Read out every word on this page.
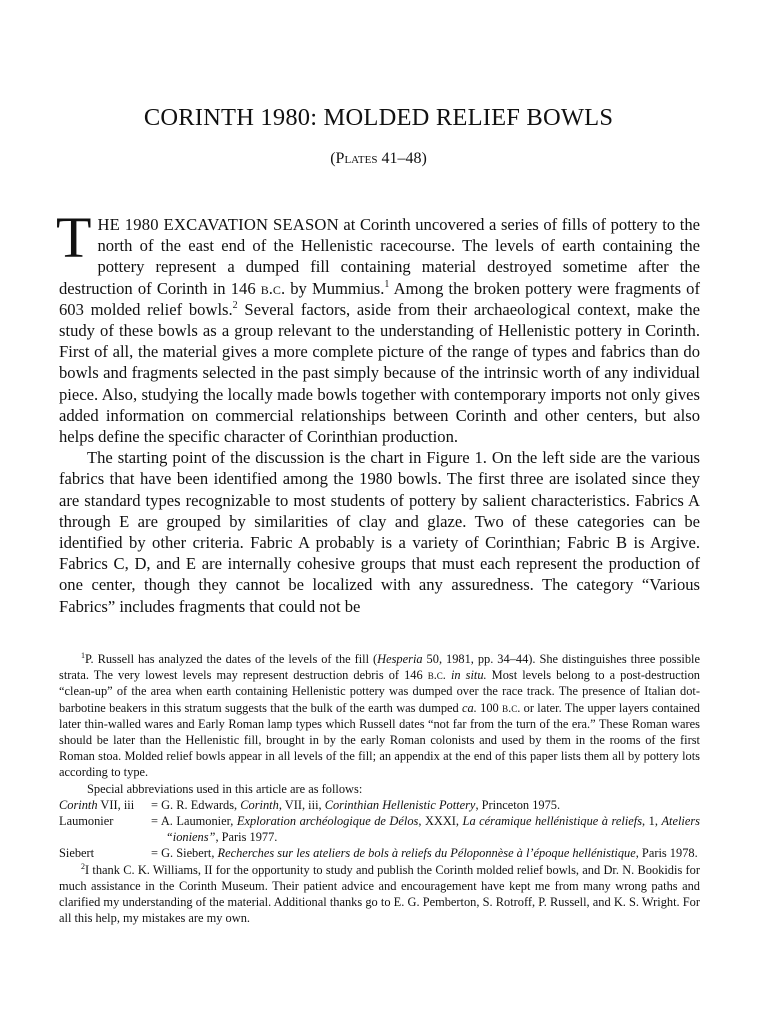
CORINTH 1980: MOLDED RELIEF BOWLS
(Plates 41–48)

THE 1980 EXCAVATION SEASON at Corinth uncovered a series of fills of pottery to the north of the east end of the Hellenistic racecourse. The levels of earth containing the pottery represent a dumped fill containing material destroyed sometime after the destruction of Corinth in 146 b.c. by Mummius.$^1$ Among the broken pottery were fragments of 603 molded relief bowls.$^2$ Several factors, aside from their archaeological context, make the study of these bowls as a group relevant to the understanding of Hellenistic pottery in Corinth. First of all, the material gives a more complete picture of the range of types and fabrics than do bowls and fragments selected in the past simply because of the intrinsic worth of any individual piece. Also, studying the locally made bowls together with contemporary imports not only gives added information on commercial relationships between Corinth and other centers, but also helps define the specific character of Corinthian production.

The starting point of the discussion is the chart in Figure 1. On the left side are the various fabrics that have been identified among the 1980 bowls. The first three are isolated since they are standard types recognizable to most students of pottery by salient characteristics. Fabrics A through E are grouped by similarities of clay and glaze. Two of these categories can be identified by other criteria. Fabric A probably is a variety of Corinthian; Fabric B is Argive. Fabrics C, D, and E are internally cohesive groups that must each represent the production of one center, though they cannot be localized with any assuredness. The category “Various Fabrics” includes fragments that could not be

$^1$P. Russell has analyzed the dates of the levels of the fill (Hesperia 50, 1981, pp. 34–44). She distinguishes three possible strata. The very lowest levels may represent destruction debris of 146 b.c. in situ. Most levels belong to a post-destruction “clean-up” of the area when earth containing Hellenistic pottery was dumped over the race track. The presence of Italian dot-barbotine beakers in this stratum suggests that the bulk of the earth was dumped ca. 100 b.c. or later. The upper layers contained later thin-walled wares and Early Roman lamp types which Russell dates “not far from the turn of the era.” These Roman wares should be later than the Hellenistic fill, brought in by the early Roman colonists and used by them in the rooms of the first Roman stoa. Molded relief bowls appear in all levels of the fill; an appendix at the end of this paper lists them all by pottery lots according to type.

Special abbreviations used in this article are as follows:

Corinth VII, iii	= G. R. Edwards, Corinth, VII, iii, Corinthian Hellenistic Pottery, Princeton 1975.
Laumonier	= A. Laumonier, Exploration archéologique de Délos, XXXI, La céramique hellénistique à reliefs, 1, Ateliers “ioniens”, Paris 1977.
Siebert	= G. Siebert, Recherches sur les ateliers de bols à reliefs du Péloponnèse à l’époque hellénistique, Paris 1978.

$^2$I thank C. K. Williams, II for the opportunity to study and publish the Corinth molded relief bowls, and Dr. N. Bookidis for much assistance in the Corinth Museum. Their patient advice and encouragement have kept me from many wrong paths and clarified my understanding of the material. Additional thanks go to E. G. Pemberton, S. Rotroff, P. Russell, and K. S. Wright. For all this help, my mistakes are my own.
